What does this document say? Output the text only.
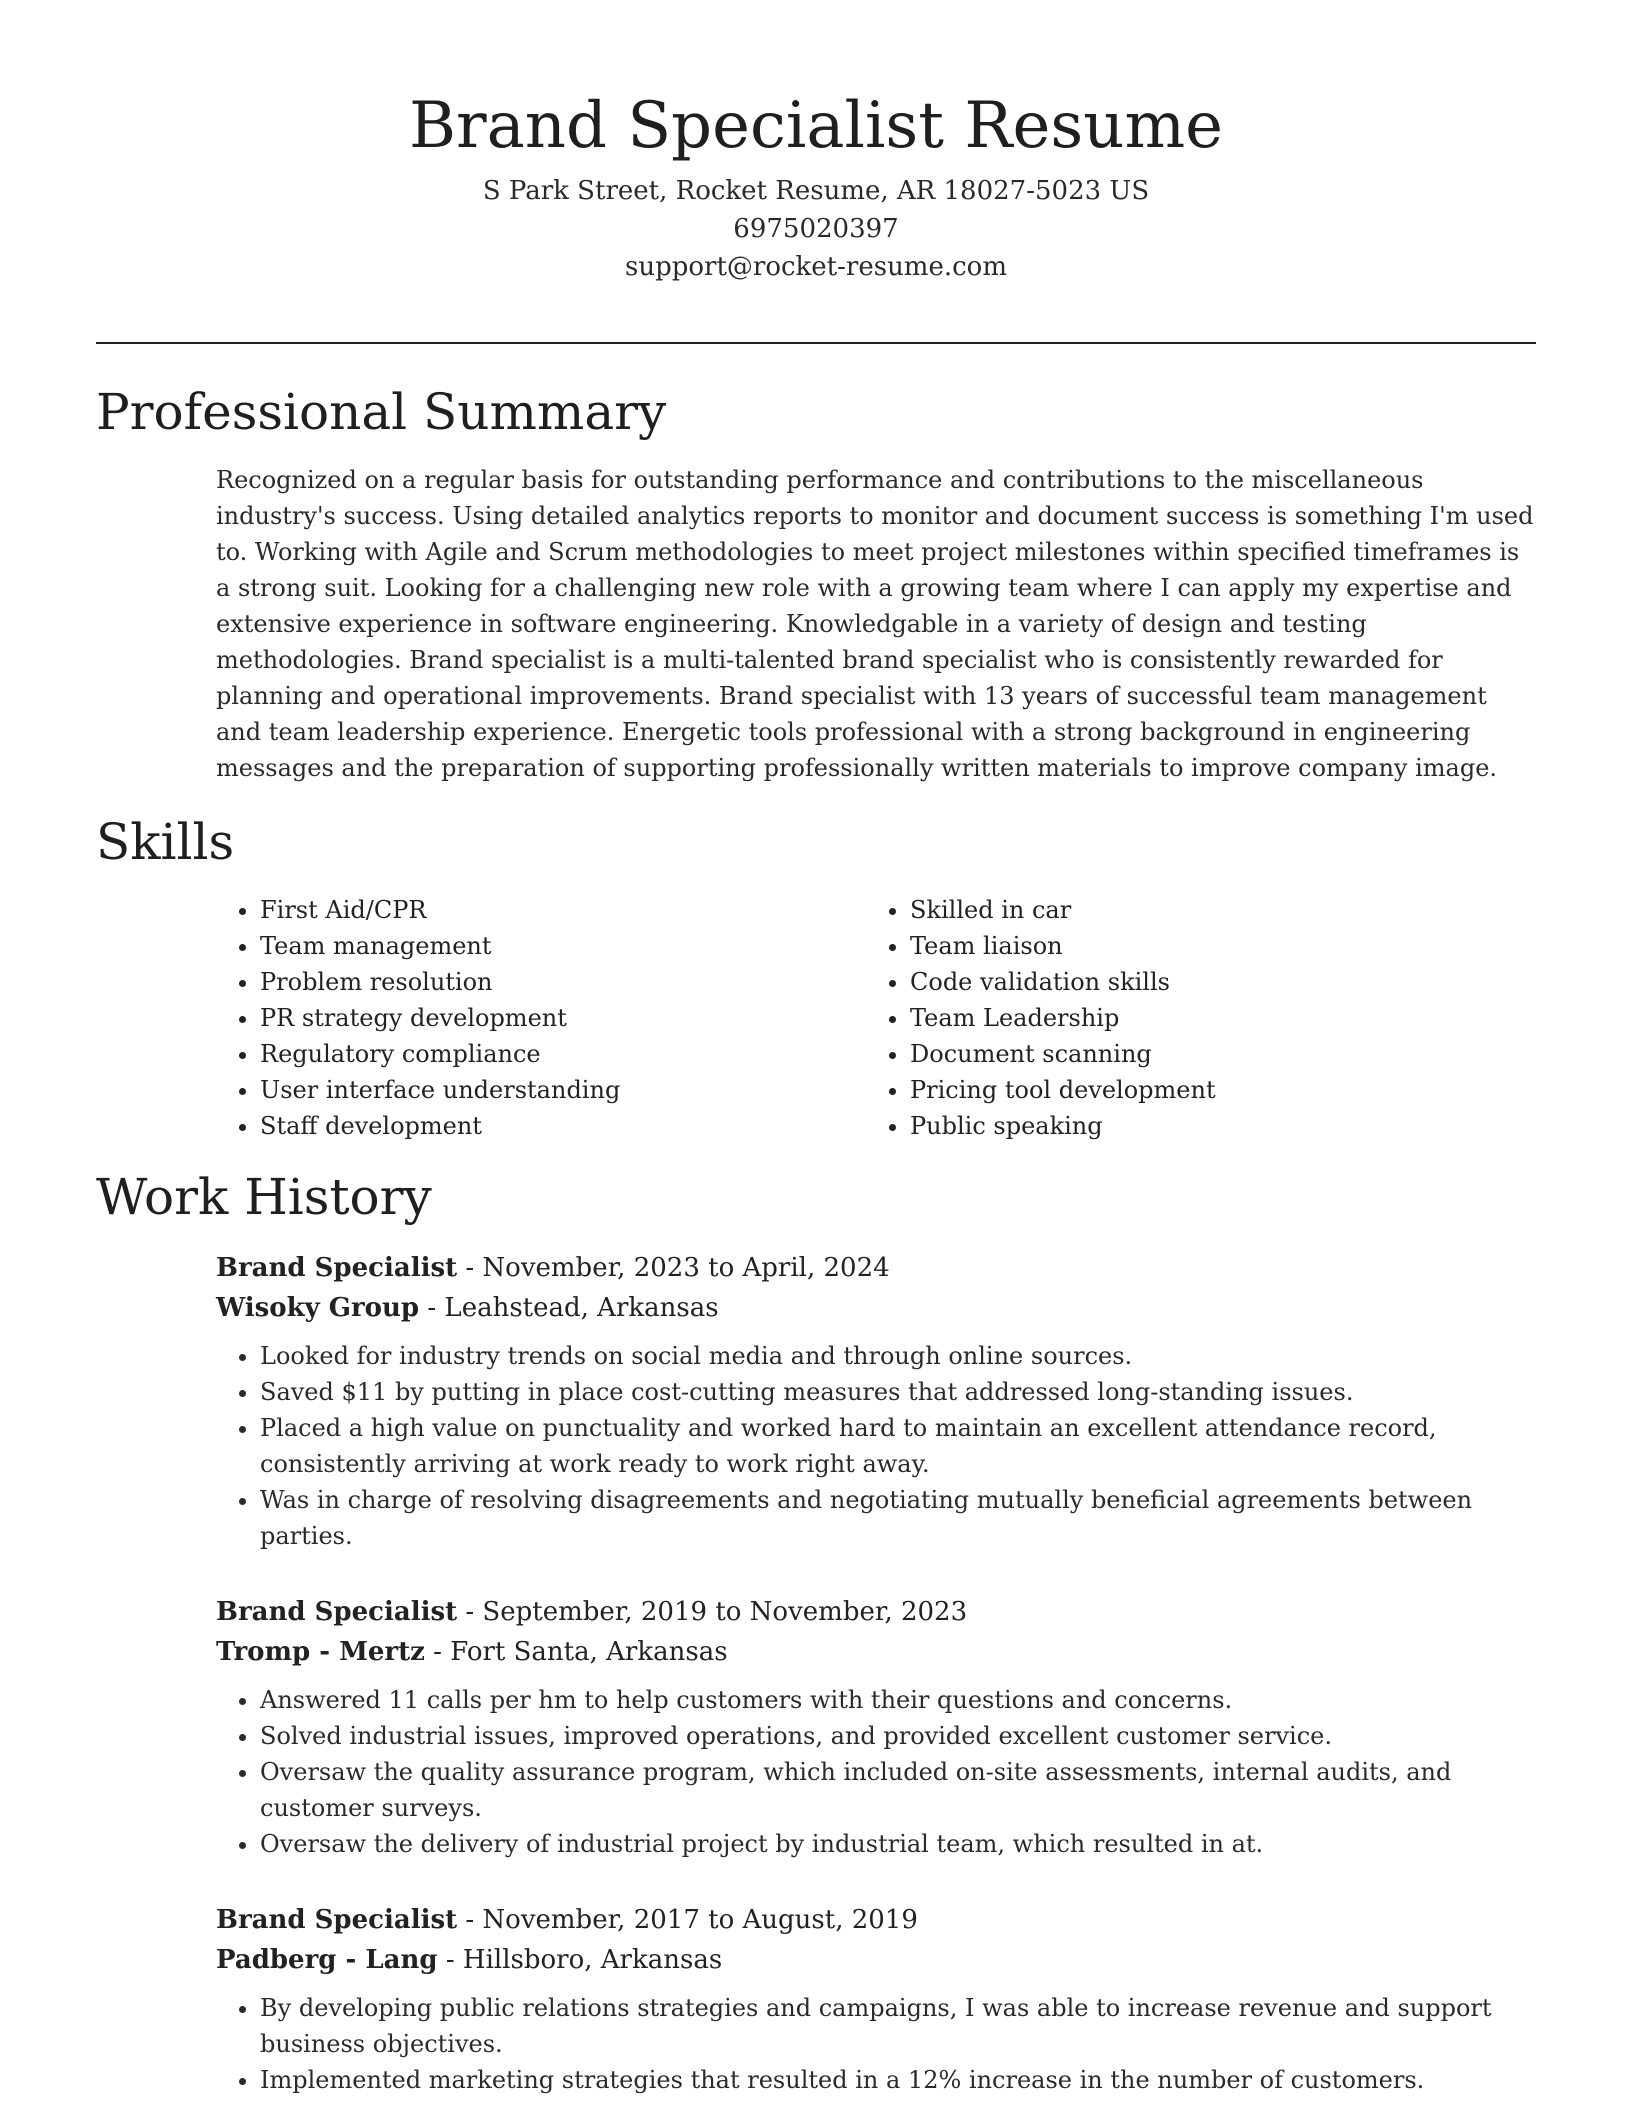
Brand Specialist Resume
S Park Street, Rocket Resume, AR 18027-5023 US
6975020397
support@rocket-resume.com
Professional Summary

Recognized on a regular basis for outstanding performance and contributions to the miscellaneous industry's success. Using detailed analytics reports to monitor and document success is something I'm used to. Working with Agile and Scrum methodologies to meet project milestones within specified timeframes is a strong suit. Looking for a challenging new role with a growing team where I can apply my expertise and extensive experience in software engineering. Knowledgable in a variety of design and testing methodologies. Brand specialist is a multi-talented brand specialist who is consistently rewarded for planning and operational improvements. Brand specialist with 13 years of successful team management and team leadership experience. Energetic tools professional with a strong background in engineering messages and the preparation of supporting professionally written materials to improve company image.

Skills
• First Aid/CPR
• Team management
• Problem resolution
• PR strategy development
• Regulatory compliance
• User interface understanding
• Staff development
• Skilled in car
• Team liaison
• Code validation skills
• Team Leadership
• Document scanning
• Pricing tool development
• Public speaking
Work History
Brand Specialist - November, 2023 to April, 2024
Wisoky Group - Leahstead, Arkansas
• Looked for industry trends on social media and through online sources.
• Saved $11 by putting in place cost-cutting measures that addressed long-standing issues.
• Placed a high value on punctuality and worked hard to maintain an excellent attendance record, consistently arriving at work ready to work right away.
• Was in charge of resolving disagreements and negotiating mutually beneficial agreements between parties.
Brand Specialist - September, 2019 to November, 2023
Tromp - Mertz - Fort Santa, Arkansas
• Answered 11 calls per hm to help customers with their questions and concerns.
• Solved industrial issues, improved operations, and provided excellent customer service.
• Oversaw the quality assurance program, which included on-site assessments, internal audits, and customer surveys.
• Oversaw the delivery of industrial project by industrial team, which resulted in at.
Brand Specialist - November, 2017 to August, 2019
Padberg - Lang - Hillsboro, Arkansas
• By developing public relations strategies and campaigns, I was able to increase revenue and support business objectives.
• Implemented marketing strategies that resulted in a 12% increase in the number of customers.
